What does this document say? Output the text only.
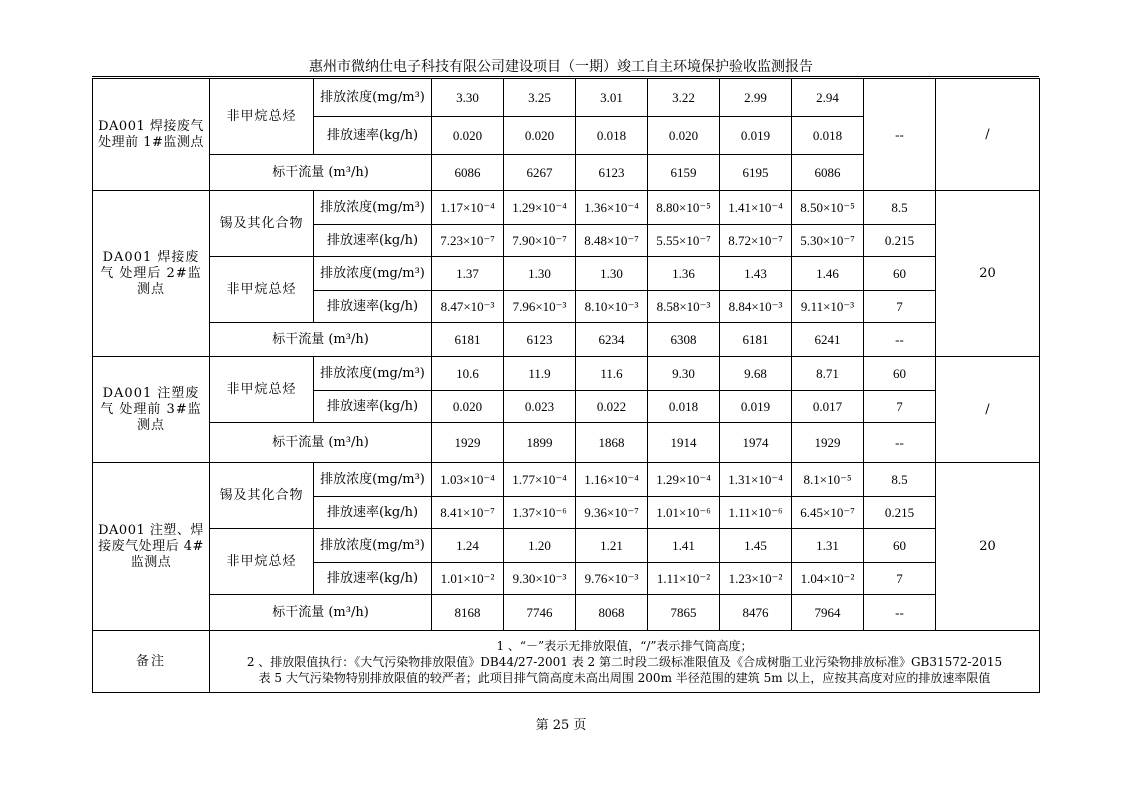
惠州市微纳仕电子科技有限公司建设项目（一期）竣工自主环境保护验收监测报告
DA001 焊接废气处理前 1#监测点	非甲烷总烃	排放浓度(mg/m³)	3.30	3.25	3.01	3.22	2.99	2.94	--	/
		排放速率(kg/h)	0.020	0.020	0.018	0.020	0.019	0.018		
	标干流量 (m³/h)		6086	6267	6123	6159	6195	6086		
DA001 焊接废气 处理后 2#监测点	锡及其化合物	排放浓度(mg/m³)	1.17×10⁻⁴	1.29×10⁻⁴	1.36×10⁻⁴	8.80×10⁻⁵	1.41×10⁻⁴	8.50×10⁻⁵	8.5	20
		排放速率(kg/h)	7.23×10⁻⁷	7.90×10⁻⁷	8.48×10⁻⁷	5.55×10⁻⁷	8.72×10⁻⁷	5.30×10⁻⁷	0.215	
	非甲烷总烃	排放浓度(mg/m³)	1.37	1.30	1.30	1.36	1.43	1.46	60	
		排放速率(kg/h)	8.47×10⁻³	7.96×10⁻³	8.10×10⁻³	8.58×10⁻³	8.84×10⁻³	9.11×10⁻³	7	
	标干流量 (m³/h)		6181	6123	6234	6308	6181	6241	--	
DA001 注塑废气 处理前 3#监测点	非甲烷总烃	排放浓度(mg/m³)	10.6	11.9	11.6	9.30	9.68	8.71	60	/
		排放速率(kg/h)	0.020	0.023	0.022	0.018	0.019	0.017	7	
	标干流量 (m³/h)		1929	1899	1868	1914	1974	1929	--	
DA001 注塑、焊接废气处理后 4#监测点	锡及其化合物	排放浓度(mg/m³)	1.03×10⁻⁴	1.77×10⁻⁴	1.16×10⁻⁴	1.29×10⁻⁴	1.31×10⁻⁴	8.1×10⁻⁵	8.5	20
		排放速率(kg/h)	8.41×10⁻⁷	1.37×10⁻⁶	9.36×10⁻⁷	1.01×10⁻⁶	1.11×10⁻⁶	6.45×10⁻⁷	0.215	
	非甲烷总烃	排放浓度(mg/m³)	1.24	1.20	1.21	1.41	1.45	1.31	60	
		排放速率(kg/h)	1.01×10⁻²	9.30×10⁻³	9.76×10⁻³	1.11×10⁻²	1.23×10⁻²	1.04×10⁻²	7	
	标干流量 (m³/h)		8168	7746	8068	7865	8476	7964	--	
备注	1 、“－”表示无排放限值，“/”表示排气筒高度；
2 、排放限值执行：《大气污染物排放限值》DB44/27-2001 表 2 第二时段二级标准限值及《合成树脂工业污染物排放标准》GB31572-2015
表 5 大气污染物特别排放限值的较严者；此项目排气筒高度未高出周围 200m 半径范围的建筑 5m 以上，应按其高度对应的排放速率限值									
第 25 页
